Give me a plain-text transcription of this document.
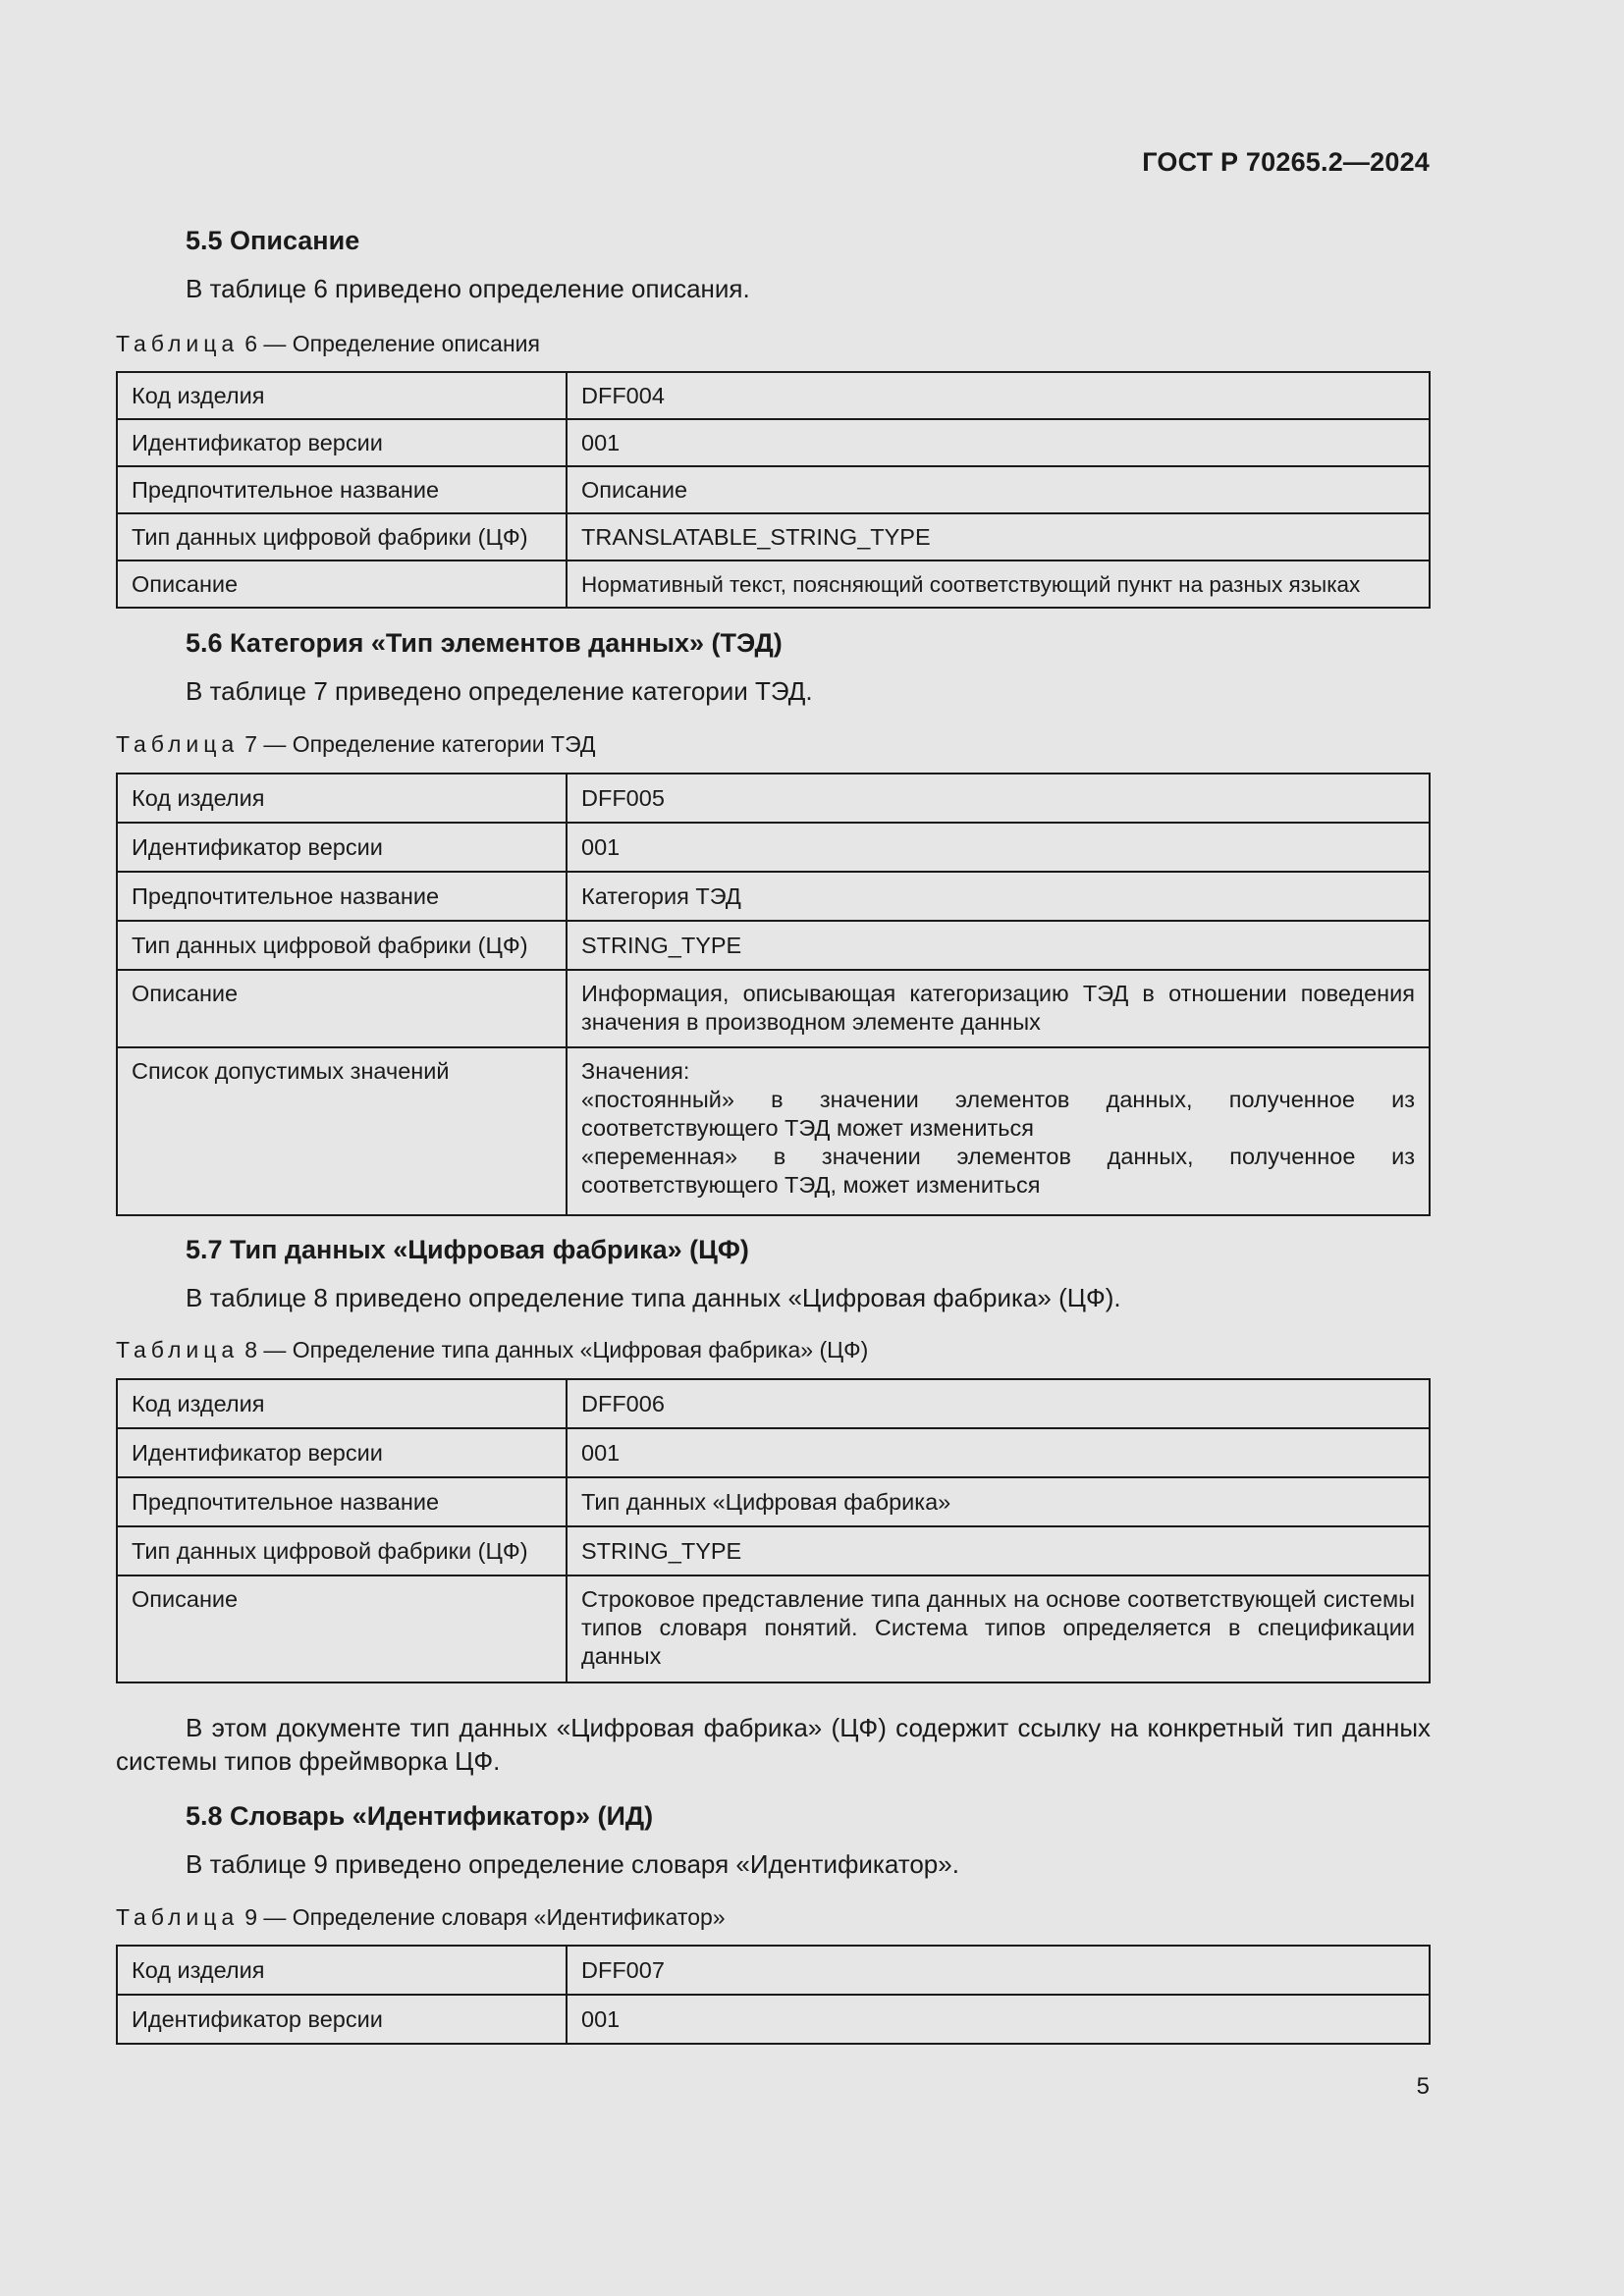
ГОСТ Р 70265.2—2024
5.5 Описание
В таблице 6 приведено определение описания.
Таблица 6 — Определение описания
Код изделия	DFF004
Идентификатор версии	001
Предпочтительное название	Описание
Тип данных цифровой фабрики (ЦФ)	TRANSLATABLE_STRING_TYPE
Описание	Нормативный текст, поясняющий соответствующий пункт на разных языках
5.6 Категория «Тип элементов данных» (ТЭД)
В таблице 7 приведено определение категории ТЭД.
Таблица 7 — Определение категории ТЭД
Код изделия	DFF005
Идентификатор версии	001
Предпочтительное название	Категория ТЭД
Тип данных цифровой фабрики (ЦФ)	STRING_TYPE
Описание	Информация, описывающая категоризацию ТЭД в отношении поведения значения в производном элементе данных
Список допустимых значений	Значения:
«постоянный» в значении элементов данных, полученное из соответствующего ТЭД может измениться
«переменная» в значении элементов данных, полученное из соответствующего ТЭД, может измениться
5.7 Тип данных «Цифровая фабрика» (ЦФ)
В таблице 8 приведено определение типа данных «Цифровая фабрика» (ЦФ).
Таблица 8 — Определение типа данных «Цифровая фабрика» (ЦФ)
Код изделия	DFF006
Идентификатор версии	001
Предпочтительное название	Тип данных «Цифровая фабрика»
Тип данных цифровой фабрики (ЦФ)	STRING_TYPE
Описание	Строковое представление типа данных на основе соответствующей системы типов словаря понятий. Система типов определяется в спецификации данных
В этом документе тип данных «Цифровая фабрика» (ЦФ) содержит ссылку на конкретный тип данных системы типов фреймворка ЦФ.
5.8 Словарь «Идентификатор» (ИД)
В таблице 9 приведено определение словаря «Идентификатор».
Таблица 9 — Определение словаря «Идентификатор»
Код изделия	DFF007
Идентификатор версии	001
5
